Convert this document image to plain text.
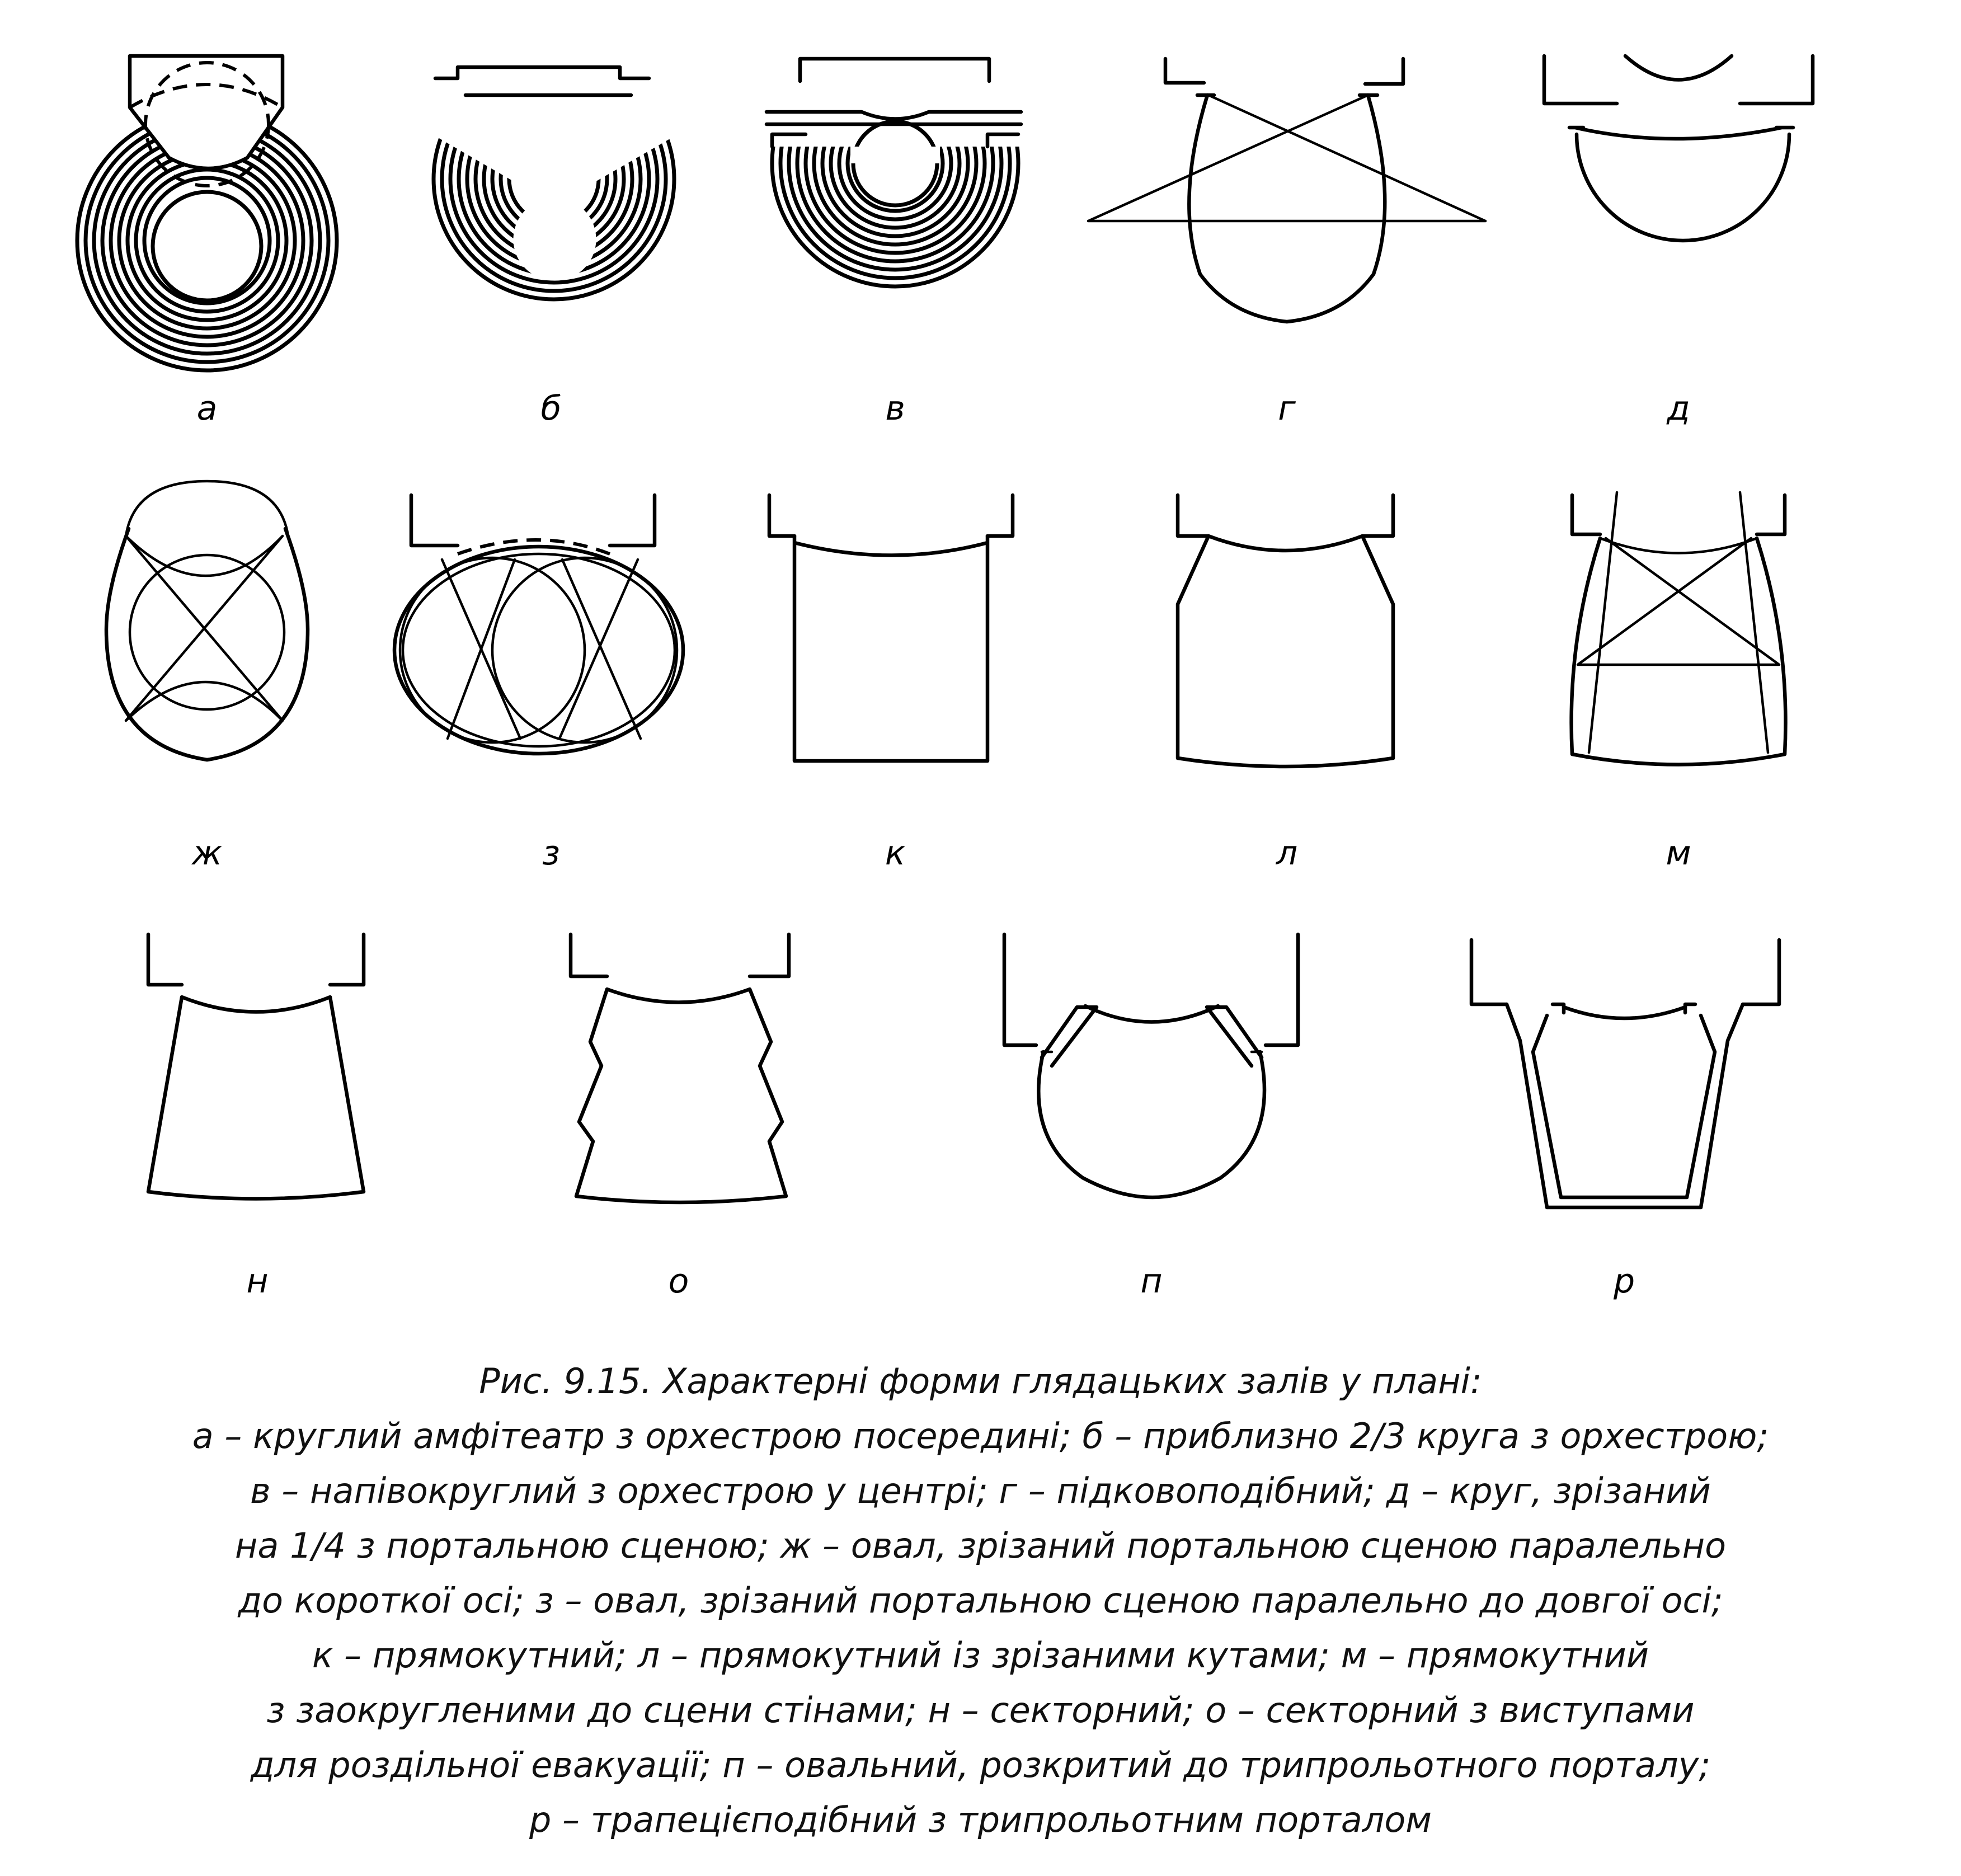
а	б	в	г	д
ж	з	к	л	м
н	о	п	р
Рис. 9.15. Характерні форми глядацьких залів у плані:
а – круглий амфітеатр з орхестрою посередині; б – приблизно 2/3 круга з орхестрою;
в – напівокруглий з орхестрою у центрі; г – підковоподібний; д – круг, зрізаний
на 1/4 з портальною сценою; ж – овал, зрізаний портальною сценою паралельно
до короткої осі; з – овал, зрізаний портальною сценою паралельно до довгої осі;
к – прямокутний; л – прямокутний із зрізаними кутами; м – прямокутний
з заокругленими до сцени стінами; н – секторний; о – секторний з виступами
для роздільної евакуації; п – овальний, розкритий до трипрольотного порталу;
р – трапецієподібний з трипрольотним порталом
